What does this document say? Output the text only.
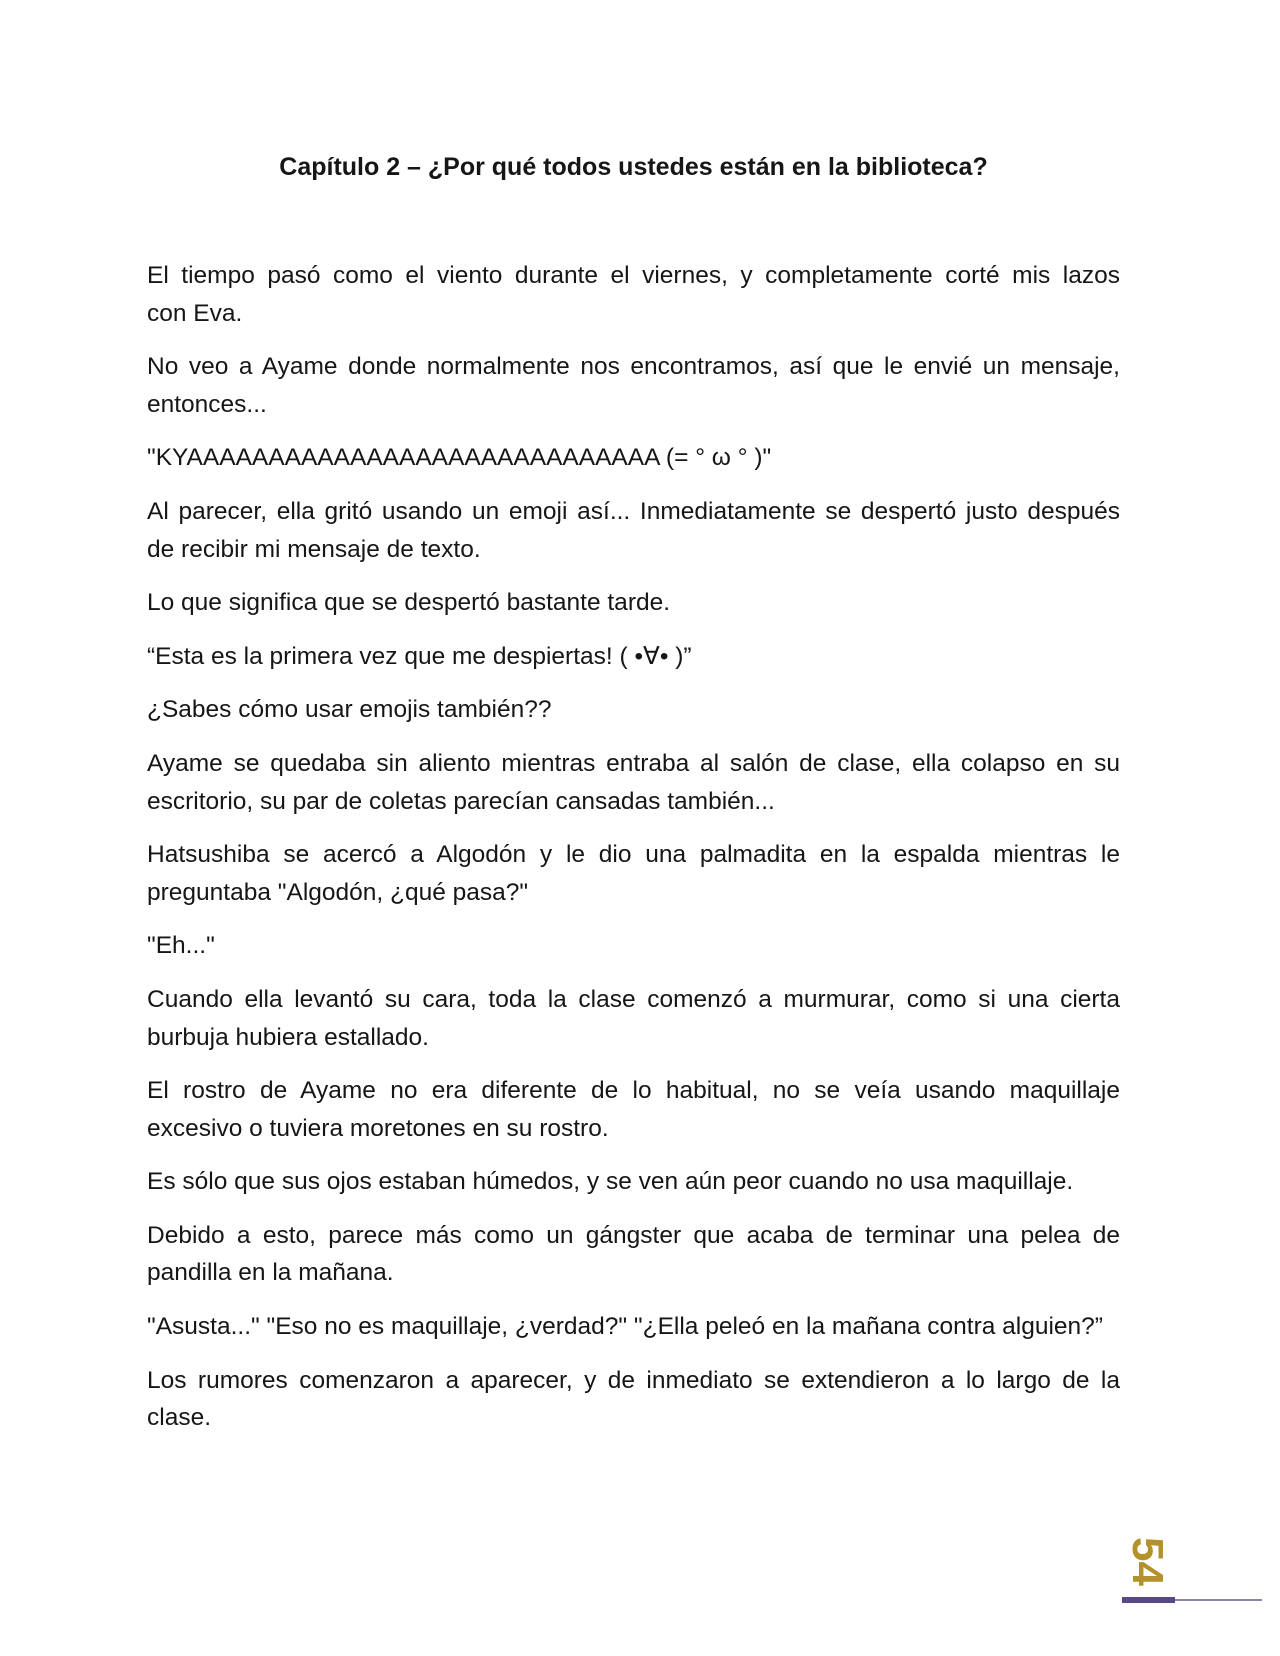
Capítulo 2 – ¿Por qué todos ustedes están en la biblioteca?
El tiempo pasó como el viento durante el viernes, y completamente corté mis lazos
con Eva.
No veo a Ayame donde normalmente nos encontramos, así que le envié un mensaje,
entonces...
"KYAAAAAAAAAAAAAAAAAAAAAAAAAAAAA (= ° ω ° )"
Al parecer, ella gritó usando un emoji así... Inmediatamente se despertó justo después
de recibir mi mensaje de texto.
Lo que significa que se despertó bastante tarde.
“Esta es la primera vez que me despiertas! ( •∀• )”
¿Sabes cómo usar emojis también??
Ayame se quedaba sin aliento mientras entraba al salón de clase, ella colapso en su
escritorio, su par de coletas parecían cansadas también...
Hatsushiba se acercó a Algodón y le dio una palmadita en la espalda mientras le
preguntaba "Algodón, ¿qué pasa?"
"Eh..."
Cuando ella levantó su cara, toda la clase comenzó a murmurar, como si una cierta
burbuja hubiera estallado.
El rostro de Ayame no era diferente de lo habitual, no se veía usando maquillaje
excesivo o tuviera moretones en su rostro.
Es sólo que sus ojos estaban húmedos, y se ven aún peor cuando no usa maquillaje.
Debido a esto, parece más como un gángster que acaba de terminar una pelea de
pandilla en la mañana.
"Asusta..." "Eso no es maquillaje, ¿verdad?" "¿Ella peleó en la mañana contra alguien?”
Los rumores comenzaron a aparecer, y de inmediato se extendieron a lo largo de la
clase.
54
